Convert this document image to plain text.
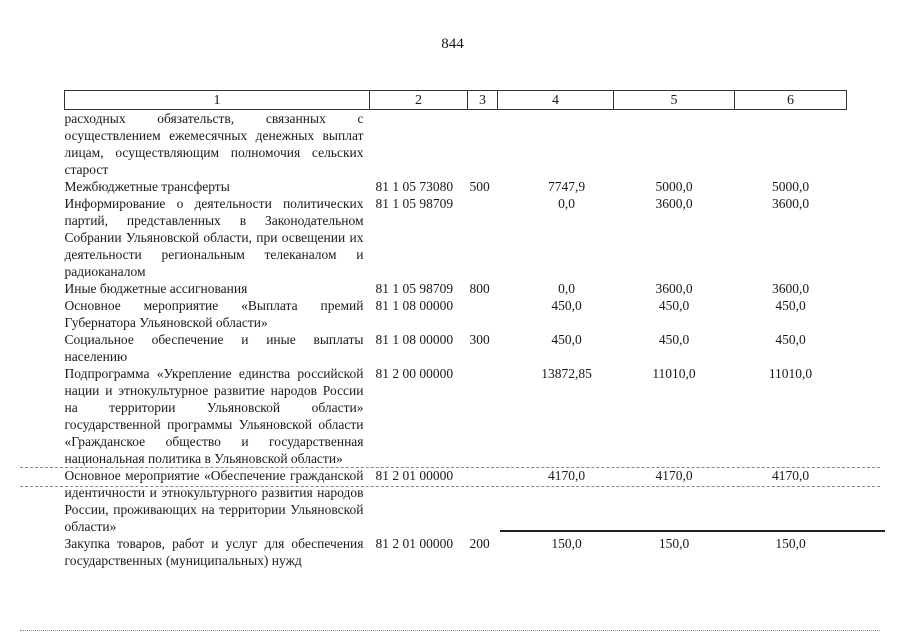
844
1	2	3	4	5	6
расходных обязательств, связанных с осуществлением ежемесячных денежных выплат лицам, осуществляющим полномочия сельских старост					
Межбюджетные трансферты	81 1 05 73080	500	7747,9	5000,0	5000,0
Информирование о деятельности политических партий, представленных в Законодательном Собрании Ульяновской области, при освещении их деятельности региональным телеканалом и радиоканалом	81 1 05 98709		0,0	3600,0	3600,0
Иные бюджетные ассигнования	81 1 05 98709	800	0,0	3600,0	3600,0
Основное мероприятие «Выплата премий Губернатора Ульяновской области»	81 1 08 00000		450,0	450,0	450,0
Социальное обеспечение и иные выплаты населению	81 1 08 00000	300	450,0	450,0	450,0
Подпрограмма «Укрепление единства российской нации и этнокультурное развитие народов России на территории Ульяновской области» государственной программы Ульяновской области «Гражданское общество и государственная национальная политика в Ульяновской области»	81 2 00 00000		13872,85	11010,0	11010,0
Основное мероприятие «Обеспечение гражданской идентичности и этнокультурного развития народов России, проживающих на территории Ульяновской области»	81 2 01 00000		4170,0	4170,0	4170,0
Закупка товаров, работ и услуг для обеспечения государственных (муниципальных) нужд	81 2 01 00000	200	150,0	150,0	150,0
